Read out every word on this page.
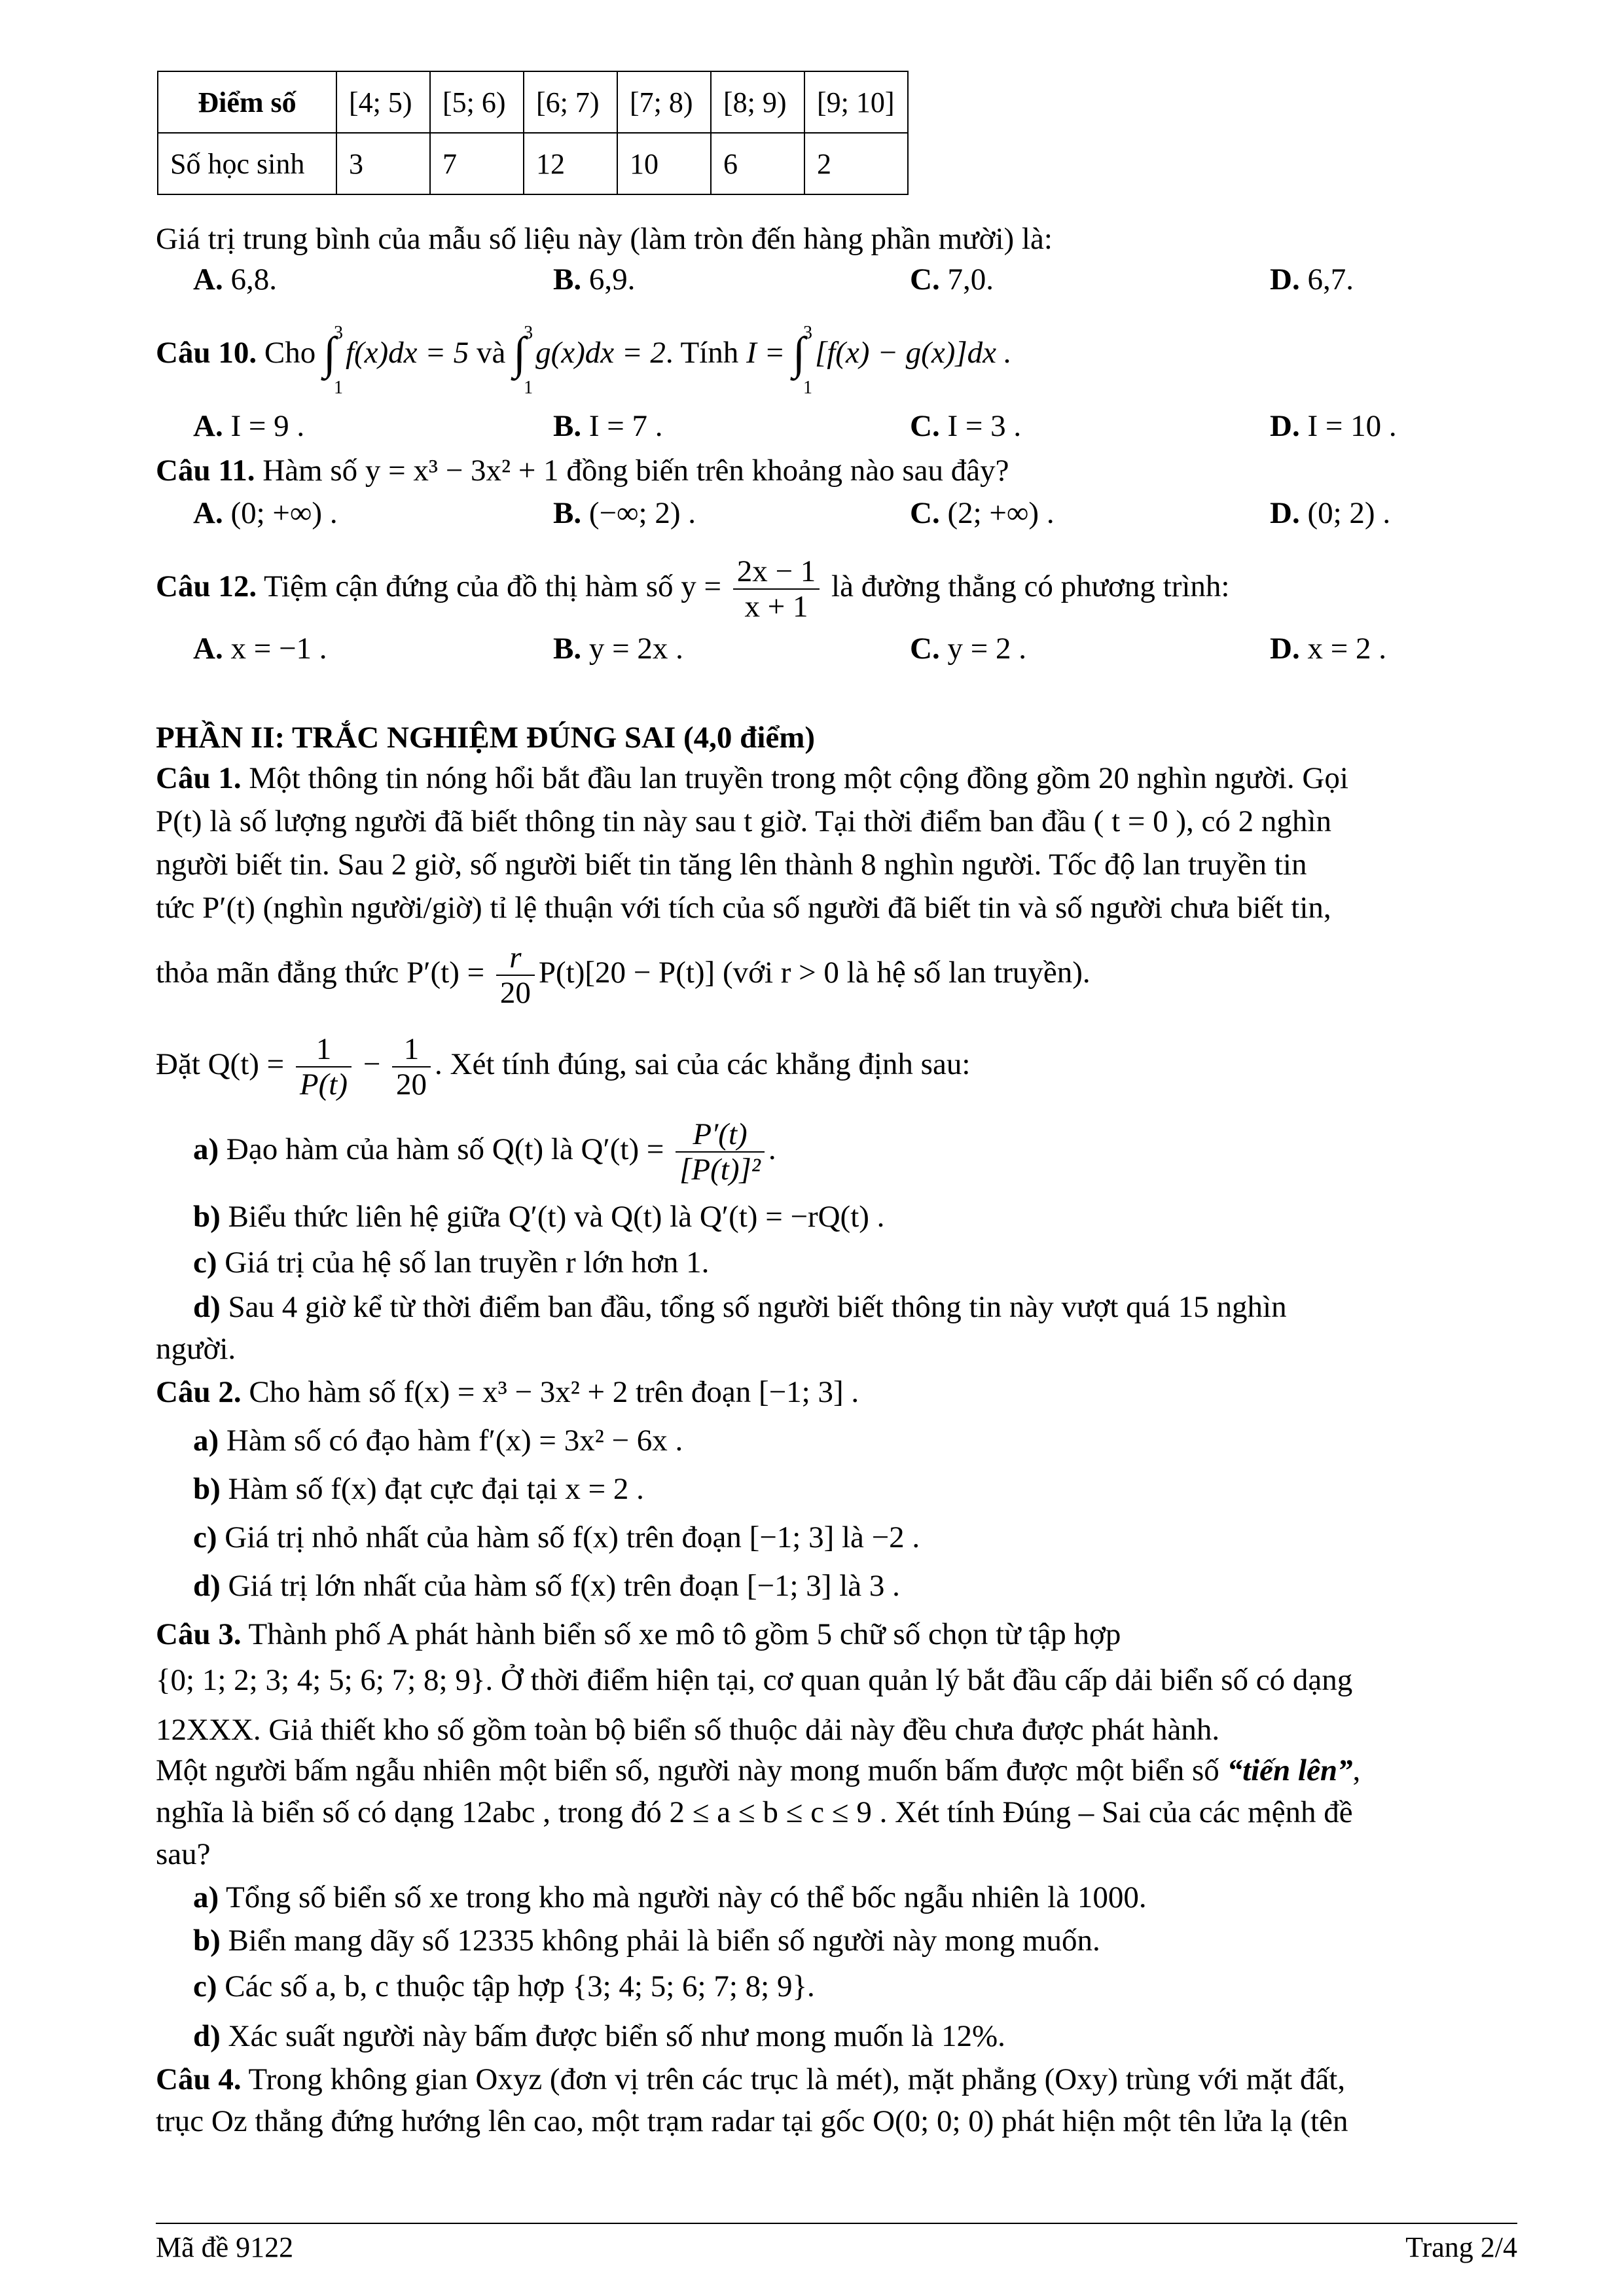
Điểm số	[4; 5)	[5; 6)	[6; 7)	[7; 8)	[8; 9)	[9; 10]
Số học sinh	3	7	12	10	6	2
Giá trị trung bình của mẫu số liệu này (làm tròn đến hàng phần mười) là:
A. 6,8.	B. 6,9.	C. 7,0.	D. 6,7.
Câu 10. Cho ∫
3
1
f(x)dx = 5 và ∫
3
1
g(x)dx = 2. Tính I = ∫
3
1
[f(x) − g(x)]dx .
A. I = 9 .	B. I = 7 .	C. I = 3 .	D. I = 10 .
Câu 11. Hàm số y = x³ − 3x² + 1 đồng biến trên khoảng nào sau đây?
A. (0; +∞) .	B. (−∞; 2) .	C. (2; +∞) .	D. (0; 2) .
Câu 12. Tiệm cận đứng của đồ thị hàm số $y = \frac{2x - 1}{x + 1}$ là đường thẳng có phương trình:
A. x = −1 .	B. y = 2x .	C. y = 2 .	D. x = 2 .
PHẦN II: TRẮC NGHIỆM ĐÚNG SAI (4,0 điểm)
Câu 1. Một thông tin nóng hổi bắt đầu lan truyền trong một cộng đồng gồm 20 nghìn người. Gọi
P(t) là số lượng người đã biết thông tin này sau t giờ. Tại thời điểm ban đầu ( t = 0 ), có 2 nghìn
người biết tin. Sau 2 giờ, số người biết tin tăng lên thành 8 nghìn người. Tốc độ lan truyền tin
tức P′(t) (nghìn người/giờ) tỉ lệ thuận với tích của số người đã biết tin và số người chưa biết tin,
thỏa mãn đẳng thức $P'(t) = \frac{r}{20} P(t)[20 - P(t)]$ (với r > 0 là hệ số lan truyền).
Đặt $Q(t) = \frac{1}{P(t)} - \frac{1}{20}$ . Xét tính đúng, sai của các khẳng định sau:
a) Đạo hàm của hàm số Q(t) là $Q'(t) = \frac{P'(t)}{\text{[P(t)]²}}$ .
b) Biểu thức liên hệ giữa Q′(t) và Q(t) là Q′(t) = −rQ(t) .
c) Giá trị của hệ số lan truyền r lớn hơn 1.
d) Sau 4 giờ kể từ thời điểm ban đầu, tổng số người biết thông tin này vượt quá 15 nghìn
người.
Câu 2. Cho hàm số f(x) = x³ − 3x² + 2 trên đoạn [−1; 3] .
a) Hàm số có đạo hàm f′(x) = 3x² − 6x .
b) Hàm số f(x) đạt cực đại tại x = 2 .
c) Giá trị nhỏ nhất của hàm số f(x) trên đoạn [−1; 3] là −2 .
d) Giá trị lớn nhất của hàm số f(x) trên đoạn [−1; 3] là 3 .
Câu 3. Thành phố A phát hành biển số xe mô tô gồm 5 chữ số chọn từ tập hợp
{0; 1; 2; 3; 4; 5; 6; 7; 8; 9}. Ở thời điểm hiện tại, cơ quan quản lý bắt đầu cấp dải biển số có dạng
12XXX. Giả thiết kho số gồm toàn bộ biển số thuộc dải này đều chưa được phát hành.
Một người bấm ngẫu nhiên một biển số, người này mong muốn bấm được một biển số “tiến lên”,
nghĩa là biển số có dạng 12abc , trong đó 2 ≤ a ≤ b ≤ c ≤ 9 . Xét tính Đúng – Sai của các mệnh đề
sau?
a) Tổng số biển số xe trong kho mà người này có thể bốc ngẫu nhiên là 1000.
b) Biển mang dãy số 12335 không phải là biển số người này mong muốn.
c) Các số a, b, c thuộc tập hợp {3; 4; 5; 6; 7; 8; 9}.
d) Xác suất người này bấm được biển số như mong muốn là 12%.
Câu 4. Trong không gian Oxyz (đơn vị trên các trục là mét), mặt phẳng (Oxy) trùng với mặt đất,
trục Oz thẳng đứng hướng lên cao, một trạm radar tại gốc O(0; 0; 0) phát hiện một tên lửa lạ (tên
Mã đề 9122	Trang 2/4
